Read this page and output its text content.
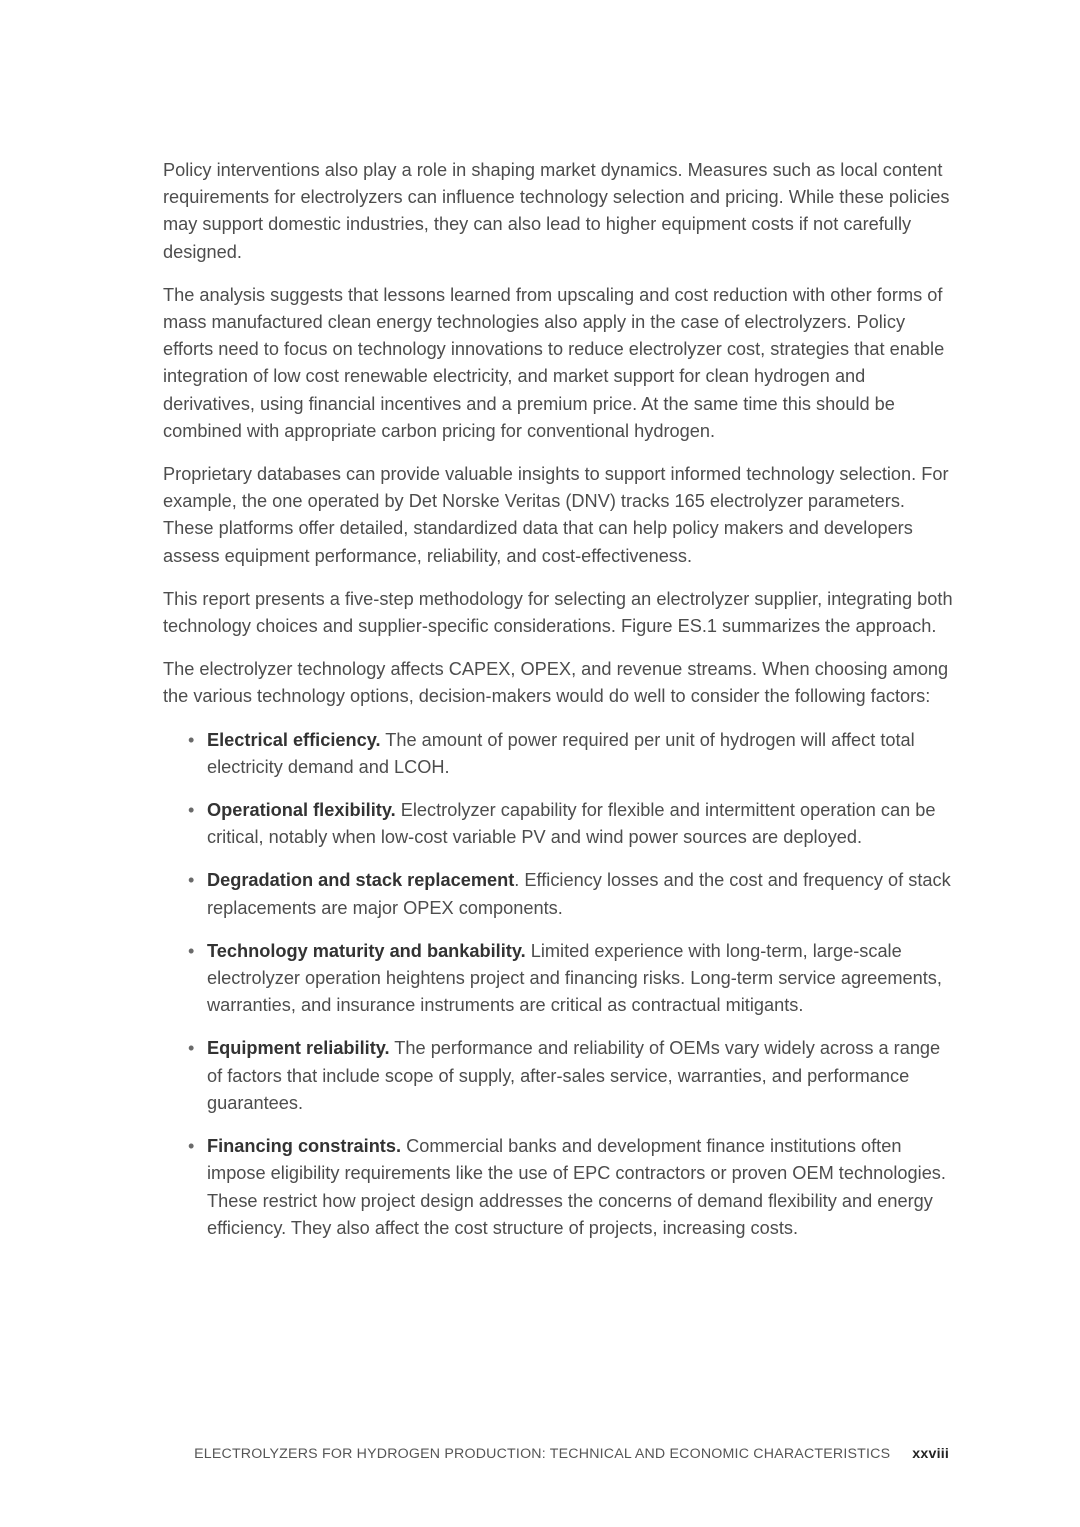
Policy interventions also play a role in shaping market dynamics. Measures such as local content requirements for electrolyzers can influence technology selection and pricing. While these policies may support domestic industries, they can also lead to higher equipment costs if not carefully designed.

The analysis suggests that lessons learned from upscaling and cost reduction with other forms of mass manufactured clean energy technologies also apply in the case of electrolyzers. Policy efforts need to focus on technology innovations to reduce electrolyzer cost, strategies that enable integration of low cost renewable electricity, and market support for clean hydrogen and derivatives, using financial incentives and a premium price. At the same time this should be combined with appropriate carbon pricing for conventional hydrogen.

Proprietary databases can provide valuable insights to support informed technology selection. For example, the one operated by Det Norske Veritas (DNV) tracks 165 electrolyzer parameters. These platforms offer detailed, standardized data that can help policy makers and developers assess equipment performance, reliability, and cost-effectiveness.

This report presents a five-step methodology for selecting an electrolyzer supplier, integrating both technology choices and supplier-specific considerations. Figure ES.1 summarizes the approach.

The electrolyzer technology affects CAPEX, OPEX, and revenue streams. When choosing among the various technology options, decision-makers would do well to consider the following factors:

• Electrical efficiency. The amount of power required per unit of hydrogen will affect total electricity demand and LCOH.
• Operational flexibility. Electrolyzer capability for flexible and intermittent operation can be critical, notably when low-cost variable PV and wind power sources are deployed.
• Degradation and stack replacement. Efficiency losses and the cost and frequency of stack replacements are major OPEX components.
• Technology maturity and bankability. Limited experience with long-term, large-scale electrolyzer operation heightens project and financing risks. Long-term service agreements, warranties, and insurance instruments are critical as contractual mitigants.
• Equipment reliability. The performance and reliability of OEMs vary widely across a range of factors that include scope of supply, after-sales service, warranties, and performance guarantees.
• Financing constraints. Commercial banks and development finance institutions often impose eligibility requirements like the use of EPC contractors or proven OEM technologies. These restrict how project design addresses the concerns of demand flexibility and energy efficiency. They also affect the cost structure of projects, increasing costs.
ELECTROLYZERS FOR HYDROGEN PRODUCTION: TECHNICAL AND ECONOMIC CHARACTERISTICS xxviii
